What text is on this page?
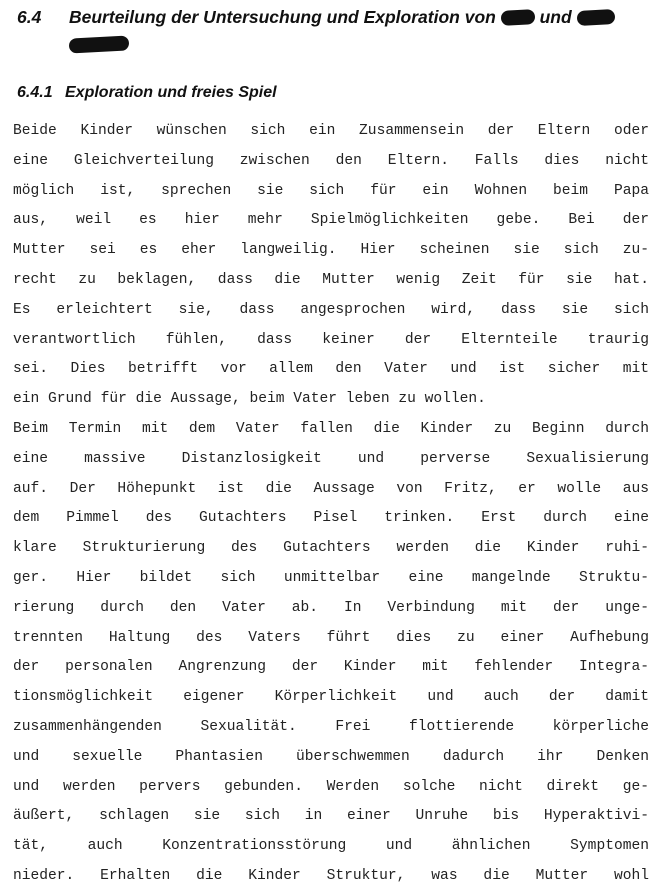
6.4 Beurteilung der Untersuchung und Exploration von	und

6.4.1 Exploration und freies Spiel
Beide Kinder wünschen sich ein Zusammensein der Eltern oder
eine Gleichverteilung zwischen den Eltern. Falls dies nicht
möglich ist, sprechen sie sich für ein Wohnen beim Papa
aus, weil es hier mehr Spielmöglichkeiten gebe. Bei der
Mutter sei es eher langweilig. Hier scheinen sie sich zu-
recht zu beklagen, dass die Mutter wenig Zeit für sie hat.
Es erleichtert sie, dass angesprochen wird, dass sie sich
verantwortlich fühlen, dass keiner der Elternteile traurig
sei. Dies betrifft vor allem den Vater und ist sicher mit
ein Grund für die Aussage, beim Vater leben zu wollen.
Beim Termin mit dem Vater fallen die Kinder zu Beginn durch
eine massive Distanzlosigkeit und perverse Sexualisierung
auf. Der Höhepunkt ist die Aussage von Fritz, er wolle aus
dem Pimmel des Gutachters Pisel trinken. Erst durch eine
klare Strukturierung des Gutachters werden die Kinder ruhi-
ger. Hier bildet sich unmittelbar eine mangelnde Struktu-
rierung durch den Vater ab. In Verbindung mit der unge-
trennten Haltung des Vaters führt dies zu einer Aufhebung
der personalen Angrenzung der Kinder mit fehlender Integra-
tionsmöglichkeit eigener Körperlichkeit und auch der damit
zusammenhängenden Sexualität. Frei flottierende körperliche
und sexuelle Phantasien überschwemmen dadurch ihr Denken
und werden pervers gebunden. Werden solche nicht direkt ge-
äußert, schlagen sie sich in einer Unruhe bis Hyperaktivi-
tät, auch Konzentrationsstörung und ähnlichen Symptomen
nieder. Erhalten die Kinder Struktur, was die Mutter wohl
